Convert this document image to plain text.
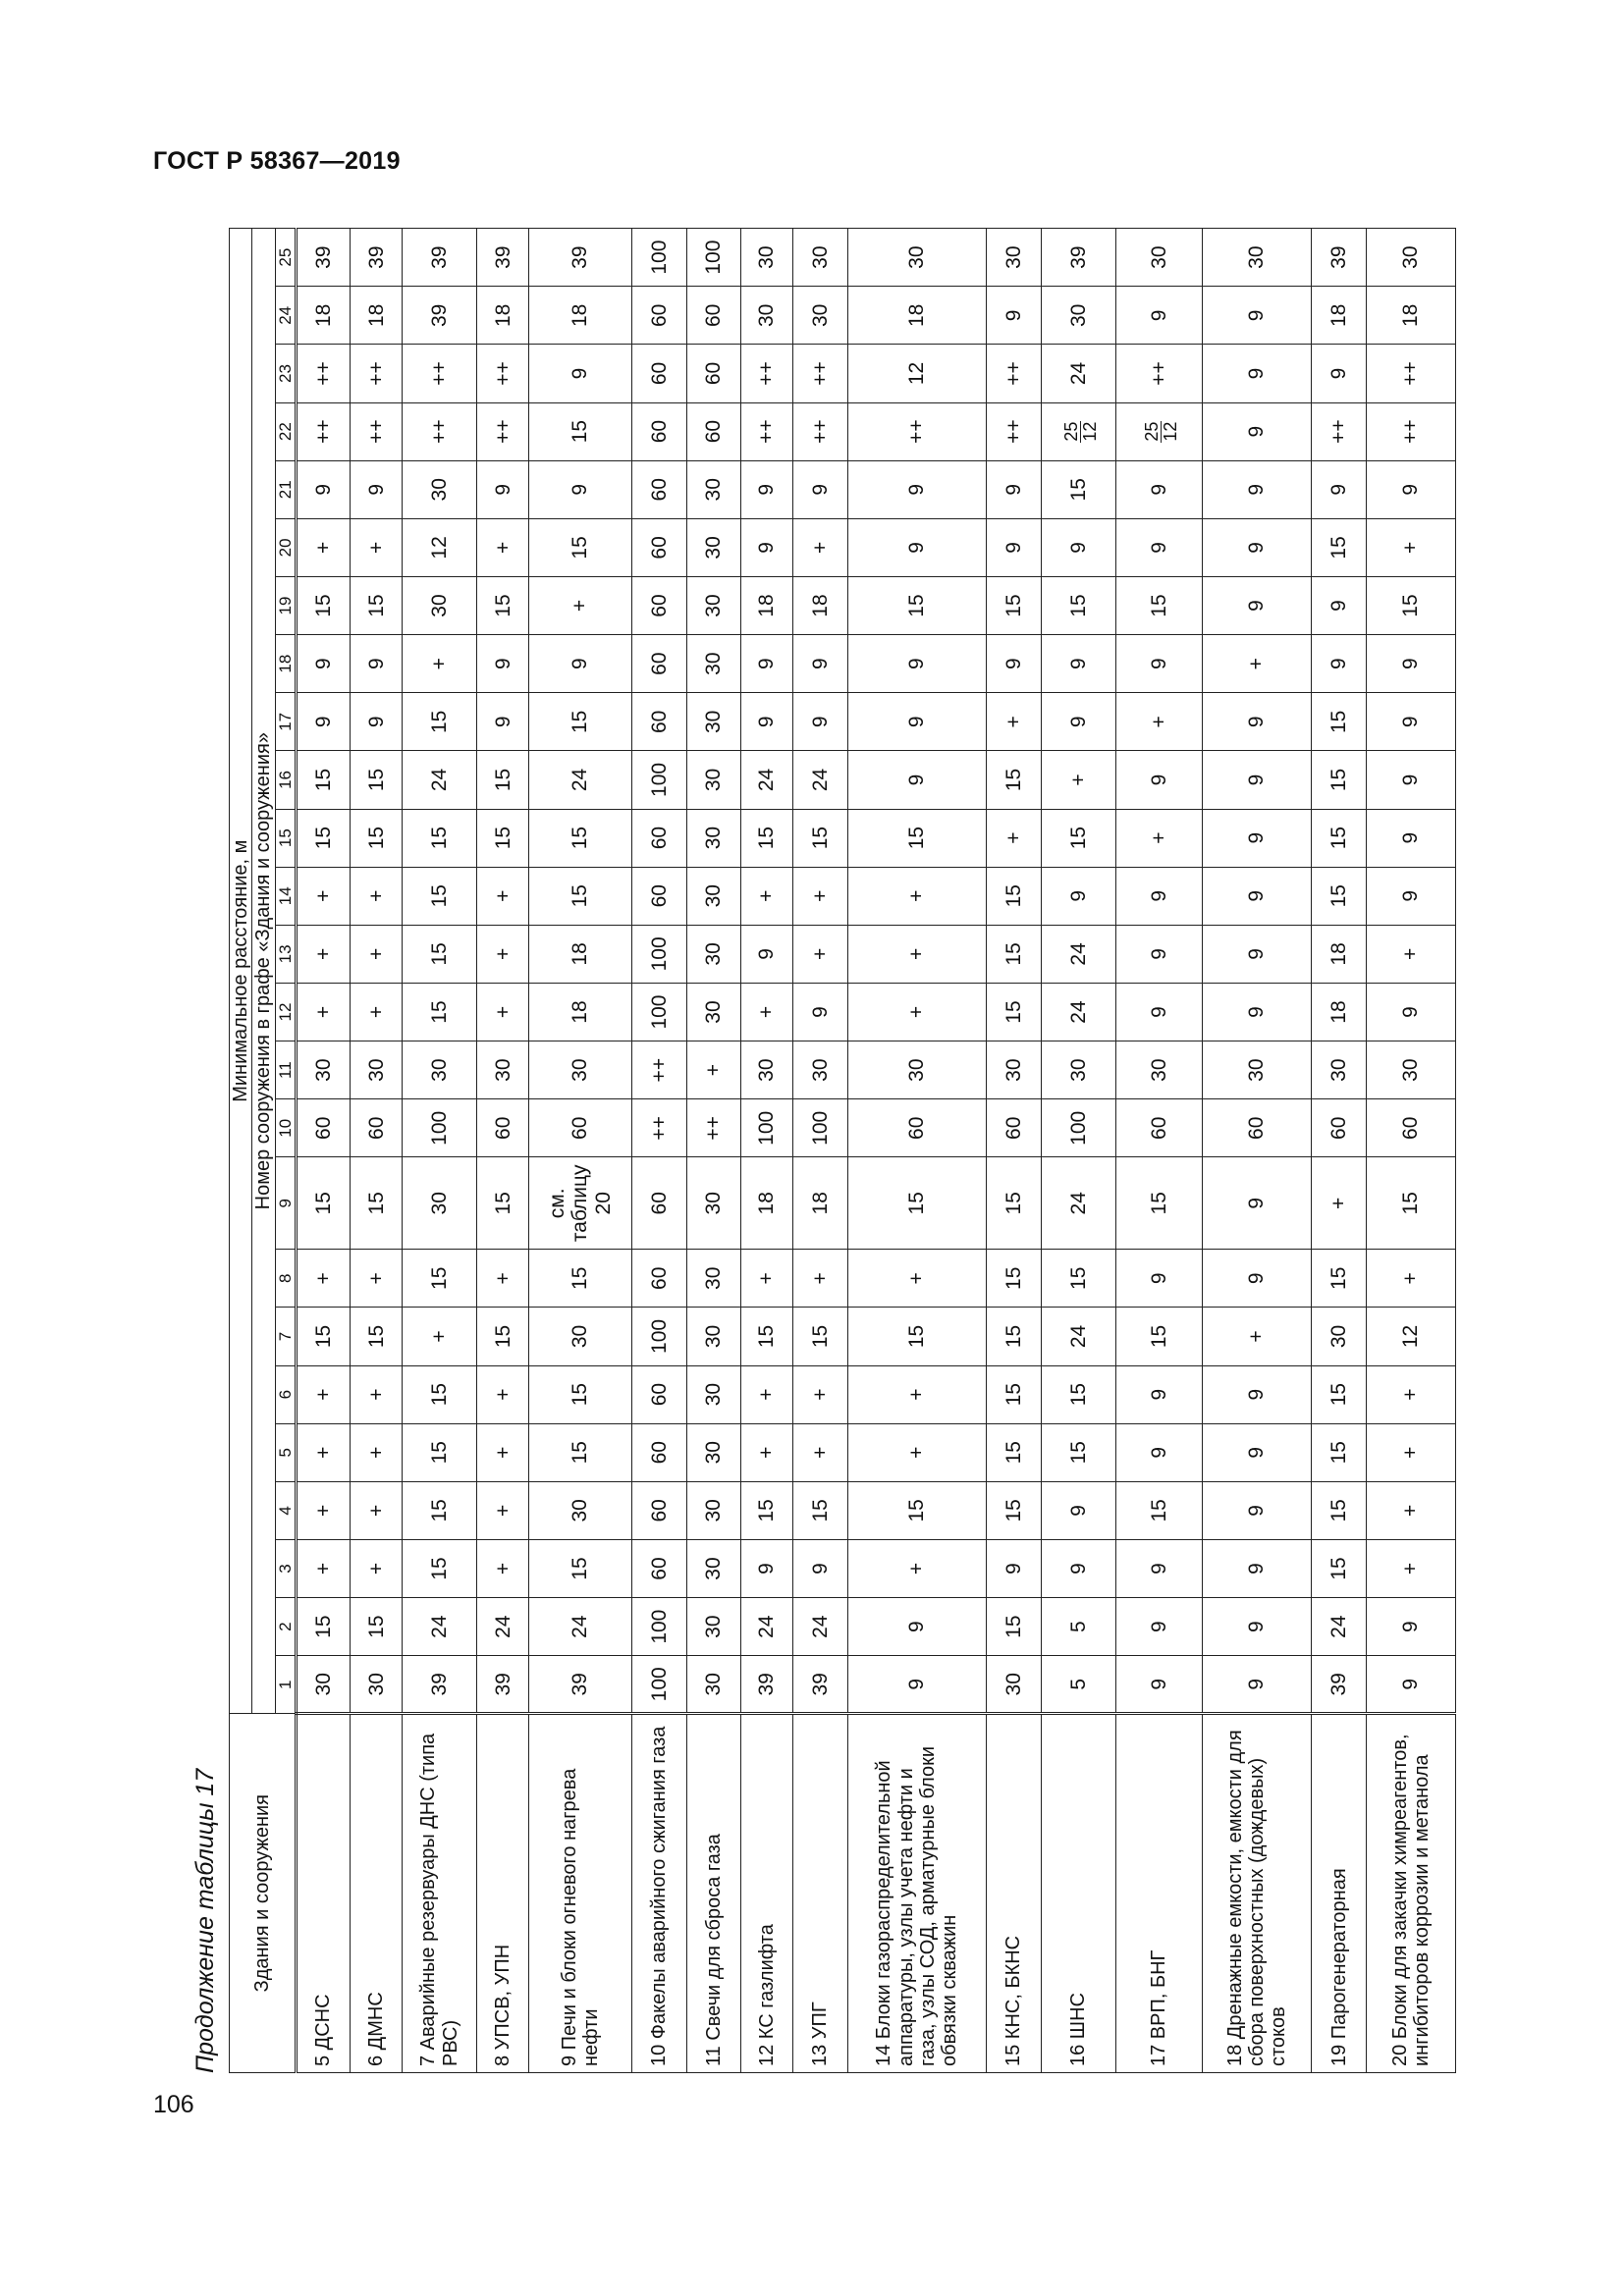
ГОСТ Р 58367—2019
106
Продолжение таблицы 17 Здания и сооружения	Минимальное расстояние, м																								
	Номер сооружения в графе «Здания и сооружения»																								
	1	2	3	4	5	6	7	8	9	10	11	12	13	14	15	16	17	18	19	20	21	22	23	24	25
5 ДСНС	30	15	+	+	+	+	15	+	15	60	30	+	+	+	15	15	9	9	15	+	9	++	++	18	39
6 ДМНС	30	15	+	+	+	+	15	+	15	60	30	+	+	+	15	15	9	9	15	+	9	++	++	18	39
7 Аварийные резервуары ДНС (типа РВС)	39	24	15	15	15	15	+	15	30	100	30	15	15	15	15	24	15	+	30	12	30	++	++	39	39
8 УПСВ, УПН	39	24	+	+	+	+	15	+	15	60	30	+	+	+	15	15	9	9	15	+	9	++	++	18	39
9 Печи и блоки огневого нагрева нефти	39	24	15	30	15	15	30	15	см. таблицу 20	60	30	18	18	15	15	24	15	9	+	15	9	15	9	18	39
10 Факелы аварийного сжигания газа	100	100	60	60	60	60	100	60	60	++	++	100	100	60	60	100	60	60	60	60	60	60	60	60	100
11 Свечи для сброса газа	30	30	30	30	30	30	30	30	30	++	+	30	30	30	30	30	30	30	30	30	30	60	60	60	100
12 КС газлифта	39	24	9	15	+	+	15	+	18	100	30	+	9	+	15	24	9	9	18	9	9	++	++	30	30
13 УПГ	39	24	9	15	+	+	15	+	18	100	30	9	+	+	15	24	9	9	18	+	9	++	++	30	30
14 Блоки газораспределительной аппаратуры, узлы учета нефти и газа, узлы СОД, арматурные блоки обвязки скважин	9	9	+	15	+	+	15	+	15	60	30	+	+	+	15	9	9	9	15	9	9	++	12	18	30
15 КНС, БКНС	30	15	9	15	15	15	15	15	15	60	30	15	15	15	+	15	+	9	15	9	9	++	++	9	30
16 ШНС	5	5	9	9	15	15	24	15	24	100	30	24	24	9	15	+	9	9	15	9	15	25 12	24	30	39
17 ВРП, БНГ	9	9	9	15	9	9	15	9	15	60	30	9	9	9	+	9	+	9	15	9	9	25 12	++	9	30
18 Дренажные емкости, емкости для сбора поверхностных (дождевых) стоков	9	9	9	9	9	9	+	9	9	60	30	9	9	9	9	9	9	+	9	9	9	9	9	9	30
19 Парогенераторная	39	24	15	15	15	15	30	15	+	60	30	18	18	15	15	15	15	9	9	15	9	++	9	18	39
20 Блоки для закачки химреагентов, ингибиторов коррозии и метанола	9	9	+	+	+	+	12	+	15	60	30	9	+	9	9	9	9	9	15	+	9	++	++	18	30
